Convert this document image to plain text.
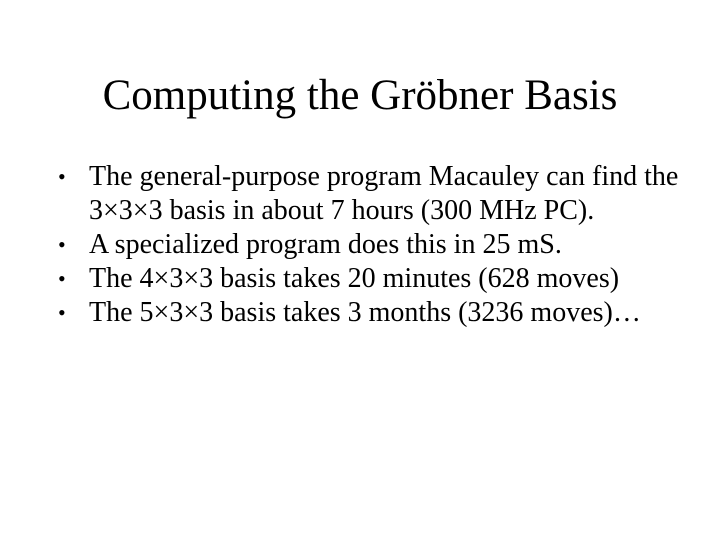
Computing the Gröbner Basis
• The general-purpose program Macauley can find the 3×3×3 basis in about 7 hours (300 MHz PC).
• A specialized program does this in 25 mS.
• The 4×3×3 basis takes 20 minutes (628 moves)
• The 5×3×3 basis takes 3 months (3236 moves)…
